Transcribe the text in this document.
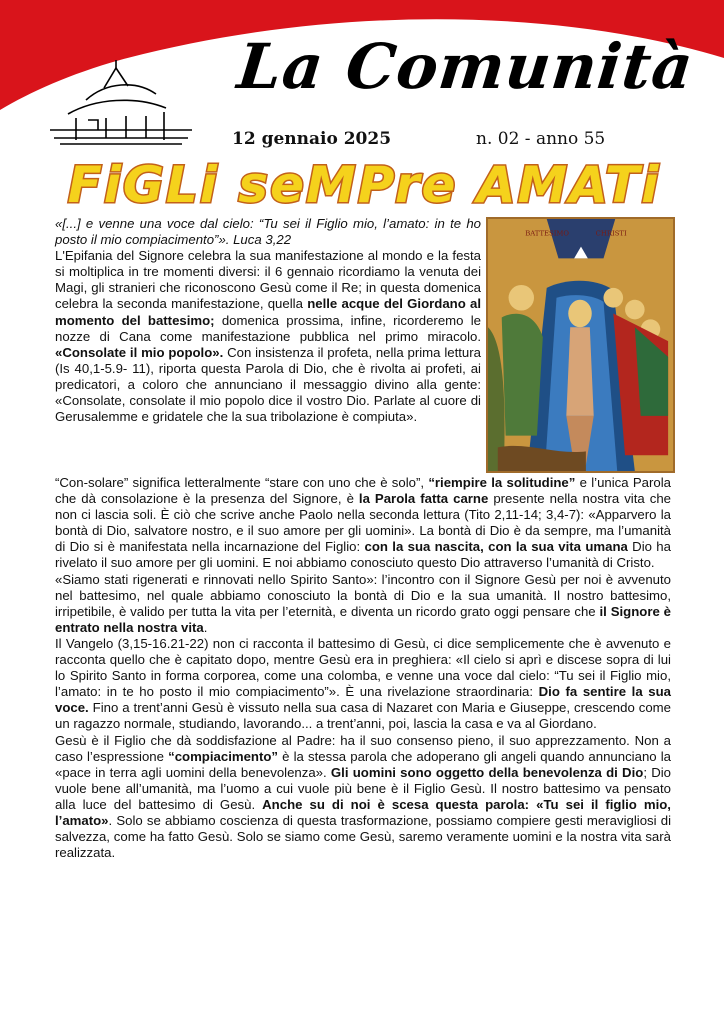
La Comunità
12 gennaio 2025	n. 02 - anno 55
FiGLi seMPre AMATi
BATTESIMO	CHRISTI

«[...] e venne una voce dal cielo: “Tu sei il Figlio mio, l’amato: in te ho posto il mio compiacimento”». Luca 3,22

L'Epifania del Signore celebra la sua manifestazione al mondo e la festa si moltiplica in tre momenti diversi: il 6 gennaio ricordiamo la venuta dei Magi, gli stranieri che riconoscono Gesù come il Re; in questa domenica celebra la seconda manifestazione, quella nelle acque del Giordano al momento del battesimo; domenica prossima, infine, ricorderemo le nozze di Cana come manifestazione pubblica nel primo miracolo. «Consolate il mio popolo». Con insistenza il profeta, nella prima lettura (Is 40,1-5.9- 11), riporta questa Parola di Dio, che è rivolta ai profeti, ai predicatori, a coloro che annunciano il messaggio divino alla gente: «Consolate, consolate il mio popolo dice il vostro Dio. Parlate al cuore di Gerusalemme e gridatele che la sua tribolazione è compiuta».

“Con-solare” significa letteralmente “stare con uno che è solo”, “riempire la solitudine” e l’unica Parola che dà consolazione è la presenza del Signore, è la Parola fatta carne presente nella nostra vita che non ci lascia soli. È ciò che scrive anche Paolo nella seconda lettura (Tito 2,11-14; 3,4-7): «Apparvero la bontà di Dio, salvatore nostro, e il suo amore per gli uomini». La bontà di Dio è da sempre, ma l’umanità di Dio si è manifestata nella incarnazione del Figlio: con la sua nascita, con la sua vita umana Dio ha rivelato il suo amore per gli uomini. E noi abbiamo conosciuto questo Dio attraverso l’umanità di Cristo.

«Siamo stati rigenerati e rinnovati nello Spirito Santo»: l’incontro con il Signore Gesù per noi è avvenuto nel battesimo, nel quale abbiamo conosciuto la bontà di Dio e la sua umanità. Il nostro battesimo, irripetibile, è valido per tutta la vita per l’eternità, e diventa un ricordo grato oggi pensare che il Signore è entrato nella nostra vita.

Il Vangelo (3,15-16.21-22) non ci racconta il battesimo di Gesù, ci dice semplicemente che è avvenuto e racconta quello che è capitato dopo, mentre Gesù era in preghiera: «Il cielo si aprì e discese sopra di lui lo Spirito Santo in forma corporea, come una colomba, e venne una voce dal cielo: “Tu sei il Figlio mio, l’amato: in te ho posto il mio compiacimento”». È una rivelazione straordinaria: Dio fa sentire la sua voce. Fino a trent’anni Gesù è vissuto nella sua casa di Nazaret con Maria e Giuseppe, crescendo come un ragazzo normale, studiando, lavorando... a trent’anni, poi, lascia la casa e va al Giordano.

Gesù è il Figlio che dà soddisfazione al Padre: ha il suo consenso pieno, il suo apprezzamento. Non a caso l’espressione “compiacimento” è la stessa parola che adoperano gli angeli quando annunciano la «pace in terra agli uomini della benevolenza». Gli uomini sono oggetto della benevolenza di Dio; Dio vuole bene all’umanità, ma l’uomo a cui vuole più bene è il Figlio Gesù. Il nostro battesimo va pensato alla luce del battesimo di Gesù. Anche su di noi è scesa questa parola: «Tu sei il figlio mio, l’amato». Solo se abbiamo coscienza di questa trasformazione, possiamo compiere gesti meravigliosi di salvezza, come ha fatto Gesù. Solo se siamo come Gesù, saremo veramente uomini e la nostra vita sarà realizzata.
